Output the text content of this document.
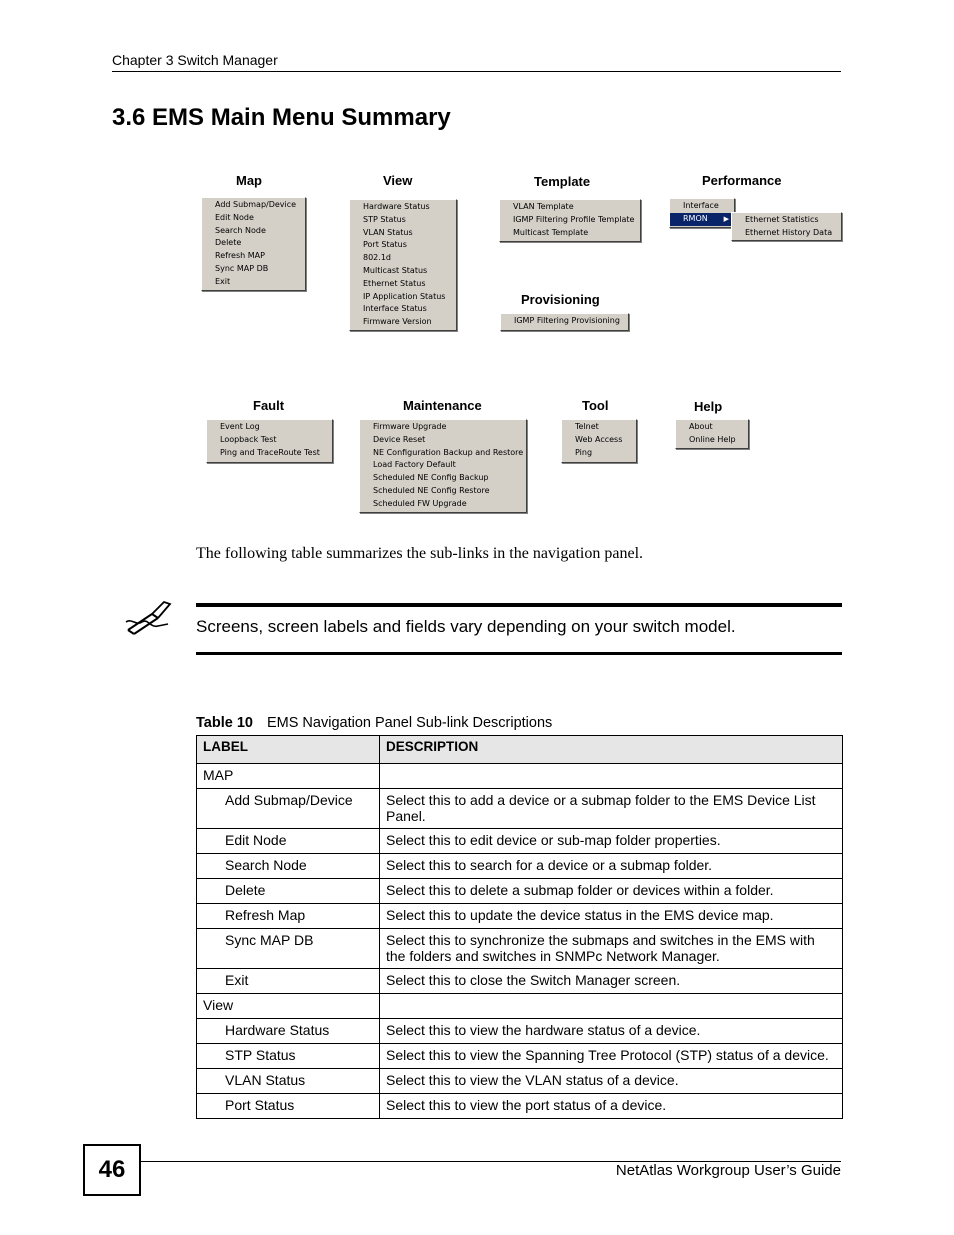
Chapter 3 Switch Manager
3.6 EMS Main Menu Summary
Map
Add Submap/Device
Edit Node
Search Node
Delete
Refresh MAP
Sync MAP DB
Exit
View
Hardware Status
STP Status
VLAN Status
Port Status
802.1d
Multicast Status
Ethernet Status
IP Application Status
Interface Status
Firmware Version
Template
VLAN Template
IGMP Filtering Profile Template
Multicast Template
Performance
Interface
RMON ▶	Ethernet Statistics
Ethernet History Data
Provisioning
IGMP Filtering Provisioning
Fault
Event Log
Loopback Test
Ping and TraceRoute Test
Maintenance
Firmware Upgrade
Device Reset
NE Configuration Backup and Restore
Load Factory Default
Scheduled NE Config Backup
Scheduled NE Config Restore
Scheduled FW Upgrade
Tool
Telnet
Web Access
Ping
Help
About
Online Help
The following table summarizes the sub-links in the navigation panel.
Screens, screen labels and fields vary depending on your switch model.
Table 10 EMS Navigation Panel Sub-link Descriptions
LABEL	DESCRIPTION
MAP	
Add Submap/Device	Select this to add a device or a submap folder to the EMS Device List Panel.
Edit Node	Select this to edit device or sub-map folder properties.
Search Node	Select this to search for a device or a submap folder.
Delete	Select this to delete a submap folder or devices within a folder.
Refresh Map	Select this to update the device status in the EMS device map.
Sync MAP DB	Select this to synchronize the submaps and switches in the EMS with the folders and switches in SNMPc Network Manager.
Exit	Select this to close the Switch Manager screen.
View	
Hardware Status	Select this to view the hardware status of a device.
STP Status	Select this to view the Spanning Tree Protocol (STP) status of a device.
VLAN Status	Select this to view the VLAN status of a device.
Port Status	Select this to view the port status of a device.
46	NetAtlas Workgroup User’s Guide
